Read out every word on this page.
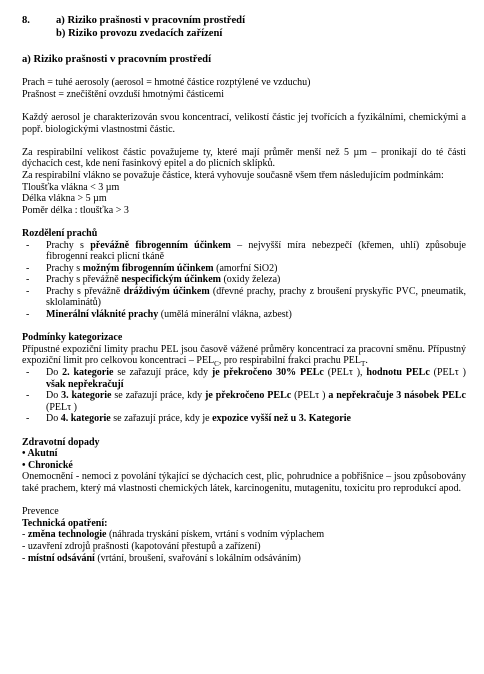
8.	a) Riziko prašnosti v pracovním prostředí
b) Riziko provozu zvedacích zařízení
a) Riziko prašnosti v pracovním prostředí

Prach = tuhé aerosoly (aerosol = hmotné částice rozptýlené ve vzduchu)

Prašnost = znečištění ovzduší hmotnými částicemi

Každý aerosol je charakterizován svou koncentrací, velikostí částic jej tvořících a fyzikálními, chemickými a popř. biologickými vlastnostmi částic.

Za respirabilní velikost částic považujeme ty, které mají průměr menší než 5 µm – pronikají do té části dýchacích cest, kde není řasinkový epitel a do plicních sklípků.

Za respirabilní vlákno se považuje částice, která vyhovuje současně všem třem následujícím podmínkám:

Tloušťka vlákna < 3 µm

Délka vlákna > 5 µm

Poměr délka : tloušťka > 3

Rozdělení prachů

- Prachy s převážně fibrogenním účinkem – nejvyšší míra nebezpečí (křemen, uhlí) způsobuje fibrogenní reakci plicní tkáně
- Prachy s možným fibrogenním účinkem (amorfní SiO2)
- Prachy s převážně nespecifickým účinkem (oxidy železa)
- Prachy s převážně dráždivým účinkem (dřevné prachy, prachy z broušení pryskyřic PVC, pneumatik, sklolaminátů)
- Minerální vláknité prachy (umělá minerální vlákna, azbest)

Podmínky kategorizace

Přípustné expoziční limity prachu PEL jsou časově vážené průměry koncentrací za pracovní směnu. Přípustný expoziční limit pro celkovou koncentraci – $PEL_C$, pro respirabilní frakci prachu $PEL_T$.

- Do 2. kategorie se zařazují práce, kdy je překročeno 30% PELc (PELτ ), hodnotu PELc (PELτ ) však nepřekračují
- Do 3. kategorie se zařazují práce, kdy je překročeno PELc (PELτ ) a nepřekračuje 3 násobek PELc (PELτ )
- Do 4. kategorie se zařazují práce, kdy je expozice vyšší než u 3. Kategorie

Zdravotní dopady

• Akutní

• Chronické

Onemocnění - nemoci z povolání týkající se dýchacích cest, plic, pohrudnice a pobřišnice – jsou způsobovány také prachem, který má vlastnosti chemických látek, karcinogenitu, mutagenitu, toxicitu pro reprodukcí apod.

Prevence

Technická opatření:

- změna technologie (náhrada tryskání pískem, vrtání s vodním výplachem

- uzavření zdrojů prašnosti (kapotování přestupů a zařízení)

- místní odsávání (vrtání, broušení, svařování s lokálním odsáváním)
